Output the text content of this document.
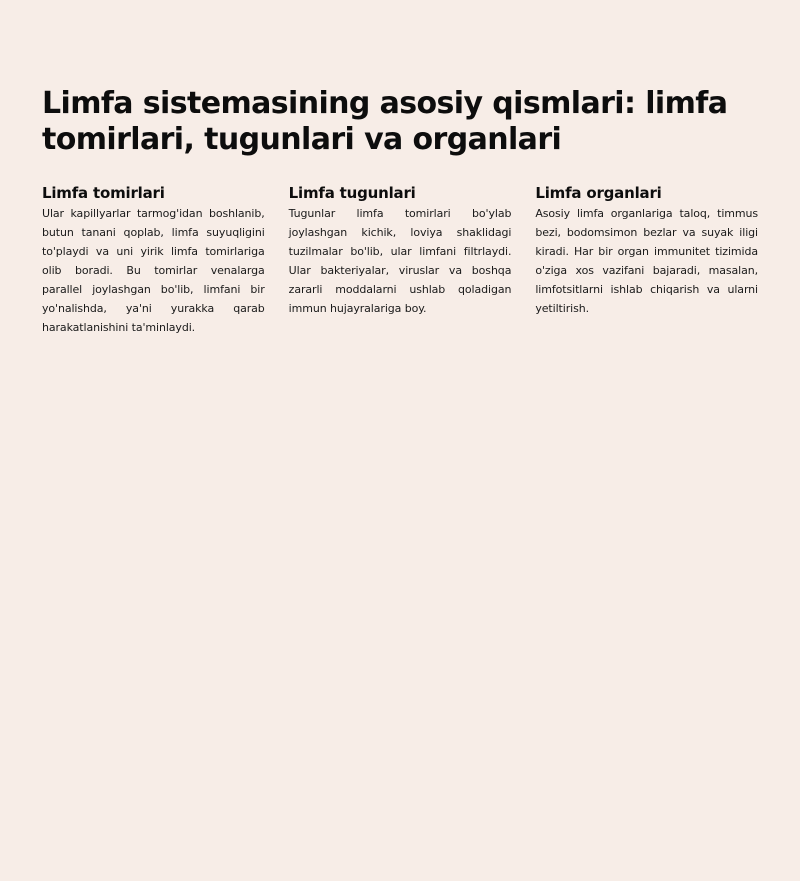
Limfa sistemasining asosiy qismlari: limfa tomirlari, tugunlari va organlari
Limfa tomirlari

Ular kapillyarlar tarmog'idan boshlanib, butun tanani qoplab, limfa suyuqligini to'playdi va uni yirik limfa tomirlariga olib boradi. Bu tomirlar venalarga parallel joylashgan bo'lib, limfani bir yo'nalishda, ya'ni yurakka qarab harakatlanishini ta'minlaydi.

Limfa tugunlari

Tugunlar limfa tomirlari bo'ylab joylashgan kichik, loviya shaklidagi tuzilmalar bo'lib, ular limfani filtrlaydi. Ular bakteriyalar, viruslar va boshqa zararli moddalarni ushlab qoladigan immun hujayralariga boy.

Limfa organlari

Asosiy limfa organlariga taloq, timmus bezi, bodomsimon bezlar va suyak iligi kiradi. Har bir organ immunitet tizimida o'ziga xos vazifani bajaradi, masalan, limfotsitlarni ishlab chiqarish va ularni yetiltirish.
